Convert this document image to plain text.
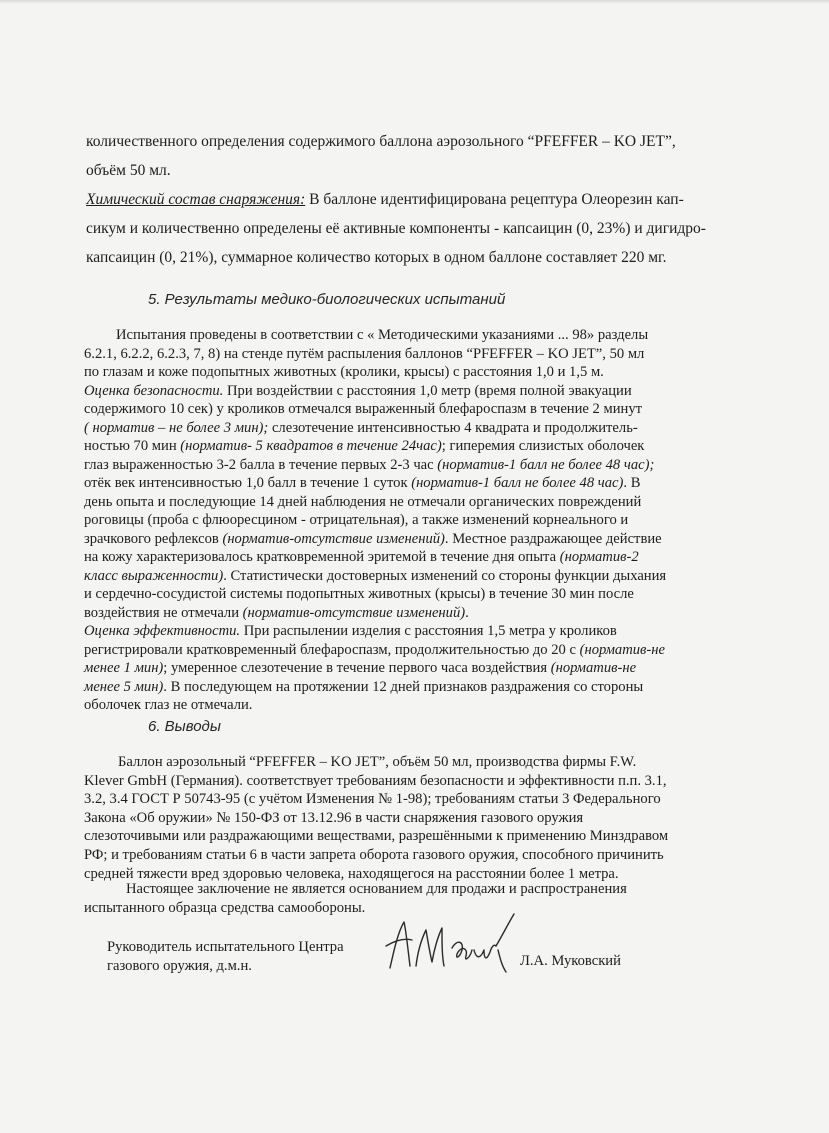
количественного определения содержимого баллона аэрозольного “PFEFFER – KO JET”,
объём 50 мл.
Химический состав снаряжения: В баллоне идентифицирована рецептура Олеорезин кап-
сикум и количественно определены её активные компоненты - капсаицин (0, 23%) и дигидро-
капсаицин (0, 21%), суммарное количество которых в одном баллоне составляет 220 мг.
5. Результаты медико-биологических испытаний
Испытания проведены в соответствии с « Методическими указаниями ... 98» разделы
6.2.1, 6.2.2, 6.2.3, 7, 8) на стенде путём распыления баллонов “PFEFFER – KO JET”, 50 мл
по глазам и коже подопытных животных (кролики, крысы) с расстояния 1,0 и 1,5 м.
Оценка безопасности. При воздействии с расстояния 1,0 метр (время полной эвакуации
содержимого 10 сек) у кроликов отмечался выраженный блефароспазм в течение 2 минут
( норматив – не более 3 мин); слезотечение интенсивностью 4 квадрата и продолжитель-
ностью 70 мин (норматив- 5 квадратов в течение 24час); гиперемия слизистых оболочек
глаз выраженностью 3-2 балла в течение первых 2-3 час (норматив-1 балл не более 48 час);
отёк век интенсивностью 1,0 балл в течение 1 суток (норматив-1 балл не более 48 час). В
день опыта и последующие 14 дней наблюдения не отмечали органических повреждений
роговицы (проба с флюоресцином - отрицательная), а также изменений корнеального и
зрачкового рефлексов (норматив-отсутствие изменений). Местное раздражающее действие
на кожу характеризовалось кратковременной эритемой в течение дня опыта (норматив-2
класс выраженности). Статистически достоверных изменений со стороны функции дыхания
и сердечно-сосудистой системы подопытных животных (крысы) в течение 30 мин после
воздействия не отмечали (норматив-отсутствие изменений).
Оценка эффективности. При распылении изделия с расстояния 1,5 метра у кроликов
регистрировали кратковременный блефароспазм, продолжительностью до 20 с (норматив-не
менее 1 мин); умеренное слезотечение в течение первого часа воздействия (норматив-не
менее 5 мин). В последующем на протяжении 12 дней признаков раздражения со стороны
оболочек глаз не отмечали.
6. Выводы
Баллон аэрозольный “PFEFFER – KO JET”, объём 50 мл, производства фирмы F.W.
Klever GmbH (Германия). соответствует требованиям безопасности и эффективности п.п. 3.1,
3.2, 3.4 ГОСТ Р 50743-95 (с учётом Изменения № 1-98); требованиям статьи 3 Федерального
Закона «Об оружии» № 150-ФЗ от 13.12.96 в части снаряжения газового оружия
слезоточивыми или раздражающими веществами, разрешёнными к применению Минздравом
РФ; и требованиям статьи 6 в части запрета оборота газового оружия, способного причинить
средней тяжести вред здоровью человека, находящегося на расстоянии более 1 метра.
Настоящее заключение не является основанием для продажи и распространения
испытанного образца средства самообороны.
Руководитель испытательного Центра
газового оружия, д.м.н.	Л.А. Муковский
